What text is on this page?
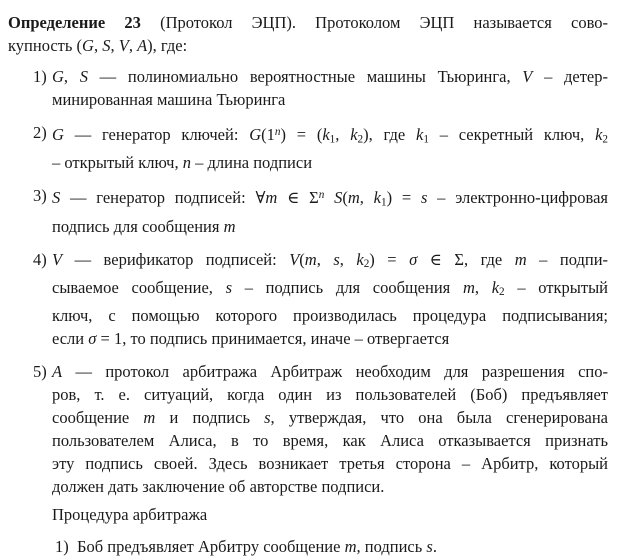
Определение 23 (Протокол ЭЦП). Протоколом ЭЦП называется сово-
купность (G, S, V, A), где:
1) G, S — полиномиально вероятностные машины Тьюринга, V – детер-
минированная машина Тьюринга
2) G — генератор ключей: $G(1^n) = (k1$, k2), где k1 – секретный ключ, k2
– открытый ключ, n – длина подписи
3) S — генератор подписей: ∀m ∈ $\Sigma^n$ S(m, k1) = s – электронно-цифровая
подпись для сообщения m
4) V — верификатор подписей: V(m, s, k2) = σ ∈ Σ, где m – подпи-
сываемое сообщение, s – подпись для сообщения m, k2 – открытый
ключ, с помощью которого производилась процедура подписывания;
если σ = 1, то подпись принимается, иначе – отвергается
5) A — протокол арбитража Арбитраж необходим для разрешения спо-
ров, т. е. ситуаций, когда один из пользователей (Боб) предъявляет
сообщение m и подпись s, утверждая, что она была сгенерирована
пользователем Алиса, в то время, как Алиса отказывается признать
эту подпись своей. Здесь возникает третья сторона – Арбитр, который
должен дать заключение об авторстве подписи.
Процедура арбитража
1) Боб предъявляет Арбитру сообщение m, подпись s.
